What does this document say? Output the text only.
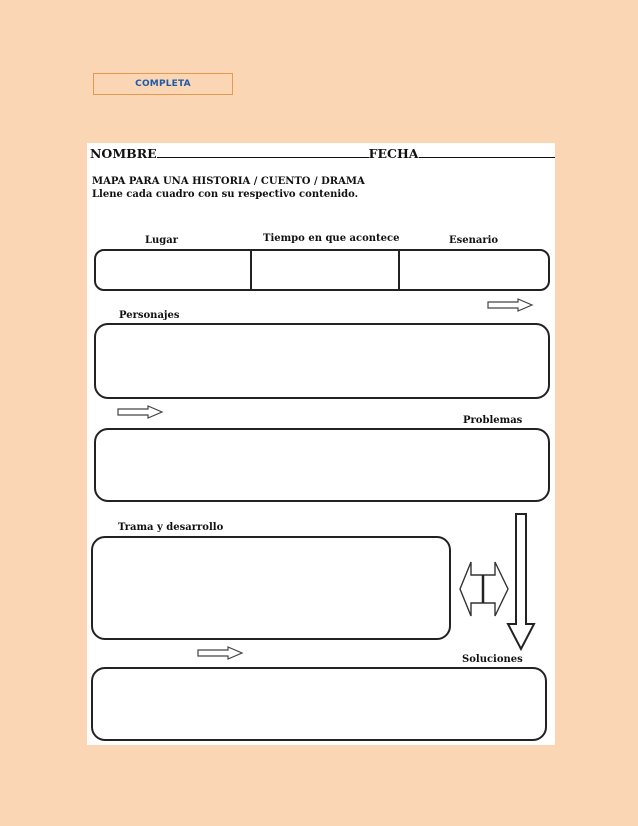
COMPLETA
NOMBRE	FECHA
MAPA PARA UNA HISTORIA / CUENTO / DRAMA
Llene cada cuadro con su respectivo contenido.
Lugar	Tiempo en que acontece	Esenario
Personajes
Problemas
Trama y desarrollo
Soluciones
